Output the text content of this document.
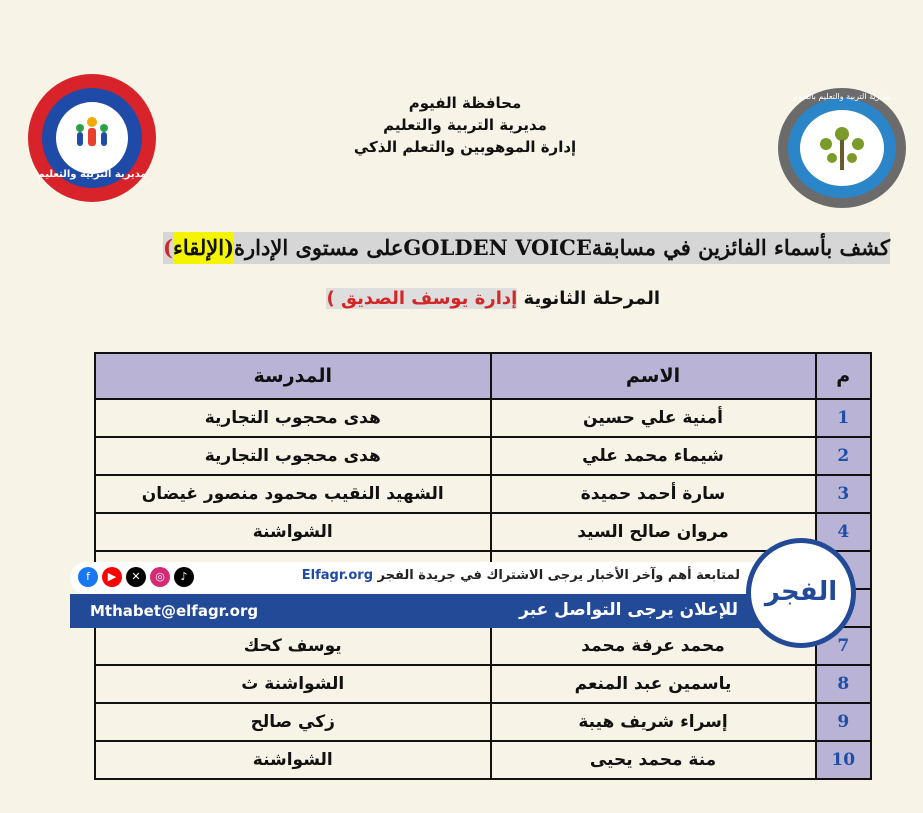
محافظة الفيوم
مديرية التربية والتعليم
إدارة الموهوبين والتعلم الذكي
مديرية التربية والتعليم
مديرية التربية والتعليم بالفيوم
كشف بأسماء الفائزين في مسابقةGOLDEN VOICEعلى مستوى الإدارة(الإلقاء)
المرحلة الثانوية إدارة يوسف الصديق )
م	الاسم	المدرسة
1	أمنية علي حسين	هدى محجوب التجارية
2	شيماء محمد علي	هدى محجوب التجارية
3	سارة أحمد حميدة	الشهيد النقيب محمود منصور غيضان
4	مروان صالح السيد	الشواشنة

7	محمد عرفة محمد	يوسف كحك
8	ياسمين عبد المنعم	الشواشنة ث
9	إسراء شريف هيبة	زكي صالح
10	منة محمد يحيى	الشواشنة
لمتابعة أهم وآخر الأخبار يرجى الاشتراك في جريدة الفجر Elfagr.org
♪
◎
✕
▶
f
للإعلان يرجى التواصل عبر
Mthabet@elfagr.org
الفجر
